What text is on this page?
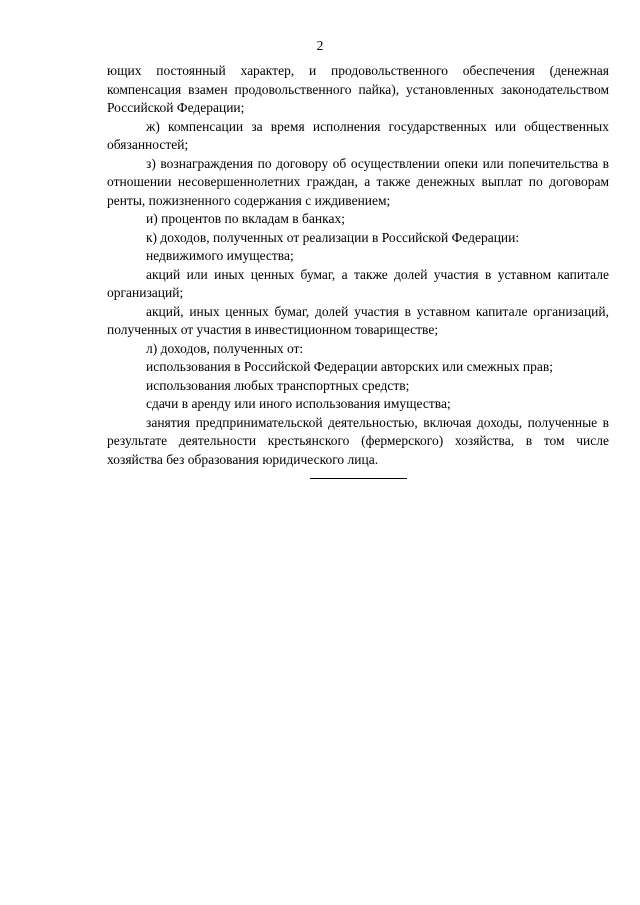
2

ющих постоянный характер, и продовольственного обеспечения (денежная компенсация взамен продовольственного пайка), установленных законодательством Российской Федерации;

ж) компенсации за время исполнения государственных или общественных обязанностей;

з) вознаграждения по договору об осуществлении опеки или попечительства в отношении несовершеннолетних граждан, а также денежных выплат по договорам ренты, пожизненного содержания с иждивением;

и) процентов по вкладам в банках;

к) доходов, полученных от реализации в Российской Федерации:

недвижимого имущества;

акций или иных ценных бумаг, а также долей участия в уставном капитале организаций;

акций, иных ценных бумаг, долей участия в уставном капитале организаций, полученных от участия в инвестиционном товариществе;

л) доходов, полученных от:

использования в Российской Федерации авторских или смежных прав;

использования любых транспортных средств;

сдачи в аренду или иного использования имущества;

занятия предпринимательской деятельностью, включая доходы, полученные в результате деятельности крестьянского (фермерского) хозяйства, в том числе хозяйства без образования юридического лица.
